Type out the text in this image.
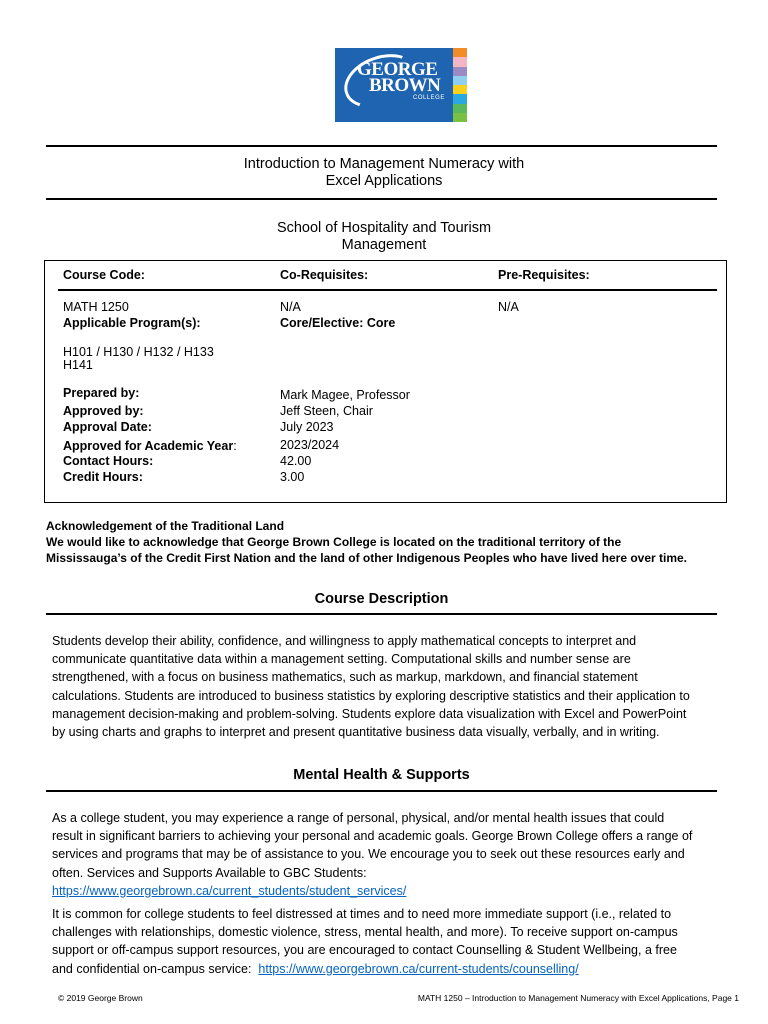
GEORGE
BROWN
COLLEGE
Introduction to Management Numeracy with
Excel Applications
School of Hospitality and Tourism
Management
Course Code:	Co-Requisites:	Pre-Requisites:
MATH 1250	N/A	N/A
Applicable Program(s):	Core/Elective: Core
H101 / H130 / H132 / H133
H141
Prepared by:	Mark Magee, Professor
Approved by:	Jeff Steen, Chair
Approval Date:	July 2023
Approved for Academic Year:	2023/2024
Contact Hours:	42.00
Credit Hours:	3.00
Acknowledgement of the Traditional Land
We would like to acknowledge that George Brown College is located on the traditional territory of the
Mississauga’s of the Credit First Nation and the land of other Indigenous Peoples who have lived here over time.
Course Description
Students develop their ability, confidence, and willingness to apply mathematical concepts to interpret and
communicate quantitative data within a management setting. Computational skills and number sense are
strengthened, with a focus on business mathematics, such as markup, markdown, and financial statement
calculations. Students are introduced to business statistics by exploring descriptive statistics and their application to
management decision-making and problem-solving. Students explore data visualization with Excel and PowerPoint
by using charts and graphs to interpret and present quantitative business data visually, verbally, and in writing.
Mental Health & Supports
As a college student, you may experience a range of personal, physical, and/or mental health issues that could
result in significant barriers to achieving your personal and academic goals. George Brown College offers a range of
services and programs that may be of assistance to you. We encourage you to seek out these resources early and
often. Services and Supports Available to GBC Students:
https://www.georgebrown.ca/current_students/student_services/
It is common for college students to feel distressed at times and to need more immediate support (i.e., related to
challenges with relationships, domestic violence, stress, mental health, and more). To receive support on-campus
support or off-campus support resources, you are encouraged to contact Counselling & Student Wellbeing, a free
and confidential on-campus service:  https://www.georgebrown.ca/current-students/counselling/
© 2019 George Brown	MATH 1250 – Introduction to Management Numeracy with Excel Applications, Page 1
